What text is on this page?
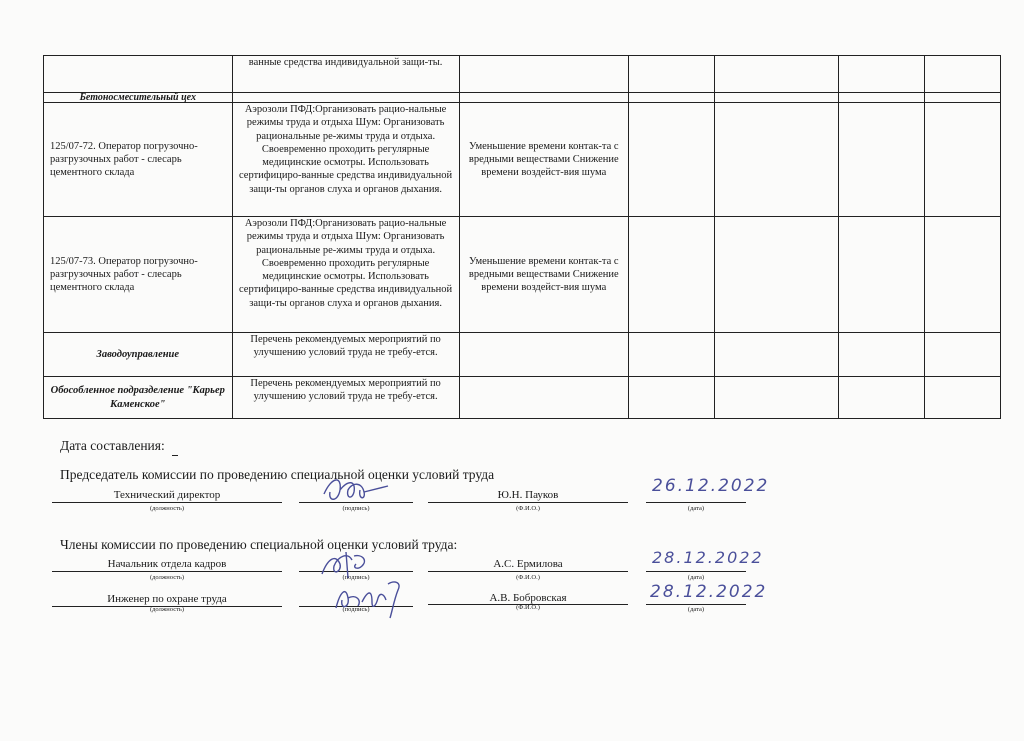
	ванные средства индивидуальной защи-ты.					
Бетоносмесительный цех						
125/07-72. Оператор погрузочно-разгрузочных работ - слесарь цементного склада	Аэрозоли ПФД:Организовать рацио-нальные режимы труда и отдыха Шум: Организовать рациональные ре-жимы труда и отдыха. Своевременно проходить регулярные медицинские осмотры. Использовать сертифициро-ванные средства индивидуальной защи-ты органов слуха и органов дыхания.	Уменьшение времени контак-та с вредными веществами Снижение времени воздейст-вия шума				
125/07-73. Оператор погрузочно-разгрузочных работ - слесарь цементного склада	Аэрозоли ПФД:Организовать рацио-нальные режимы труда и отдыха Шум: Организовать рациональные ре-жимы труда и отдыха. Своевременно проходить регулярные медицинские осмотры. Использовать сертифициро-ванные средства индивидуальной защи-ты органов слуха и органов дыхания.	Уменьшение времени контак-та с вредными веществами Снижение времени воздейст-вия шума				
Заводоуправление	Перечень рекомендуемых мероприятий по улучшению условий труда не требу-ется.					
Обособленное подразделение "Карьер Каменское"	Перечень рекомендуемых мероприятий по улучшению условий труда не требу-ется.					
Дата составления:
Председатель комиссии по проведению специальной оценки условий труда
Технический директор
(должность)	(подпись)
Ю.Н. Пауков
(Ф.И.О.)	(дата)
26.12.2022
Члены комиссии по проведению специальной оценки условий труда:
Начальник отдела кадров
(должность)	(подпись)
А.С. Ермилова
(Ф.И.О.)	(дата)
28.12.2022
Инженер по охране труда
(должность)	(подпись)
А.В. Бобровская
(Ф.И.О.)	(дата)
28.12.2022
